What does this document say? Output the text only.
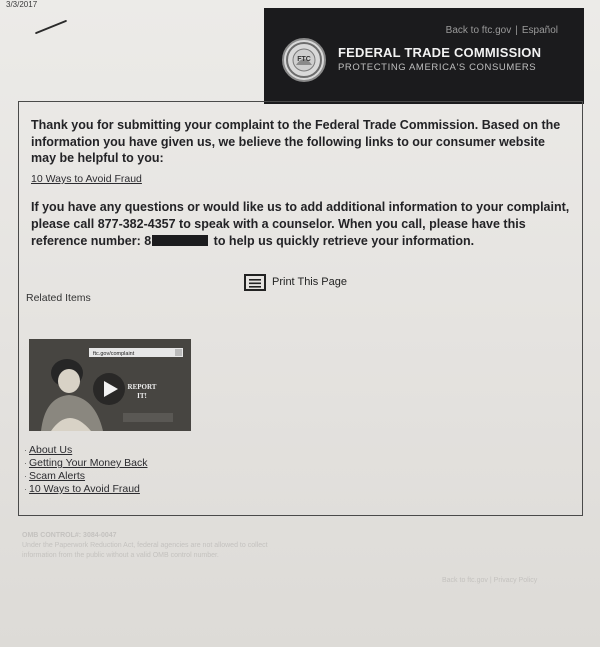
3/3/2017
Back to ftc.gov | Español
FTC FEDERAL TRADE COMMISSION
PROTECTING AMERICA'S CONSUMERS
Thank you for submitting your complaint to the Federal Trade Commission. Based on the information you have given us, we believe the following links to our consumer website may be helpful to you:
10 Ways to Avoid Fraud
If you have any questions or would like us to add additional information to your complaint, please call 877-382-4357 to speak with a counselor. When you call, please have this reference number: 8	to help us quickly retrieve your information.
Print This Page
Related Items
ftc.gov/complaint
REPORT
IT!
· About Us
· Getting Your Money Back
· Scam Alerts
· 10 Ways to Avoid Fraud
OMB CONTROL#: 3084-0047
Under the Paperwork Reduction Act, federal agencies are not allowed to collect
information from the public without a valid OMB control number.
Back to ftc.gov | Privacy Policy
